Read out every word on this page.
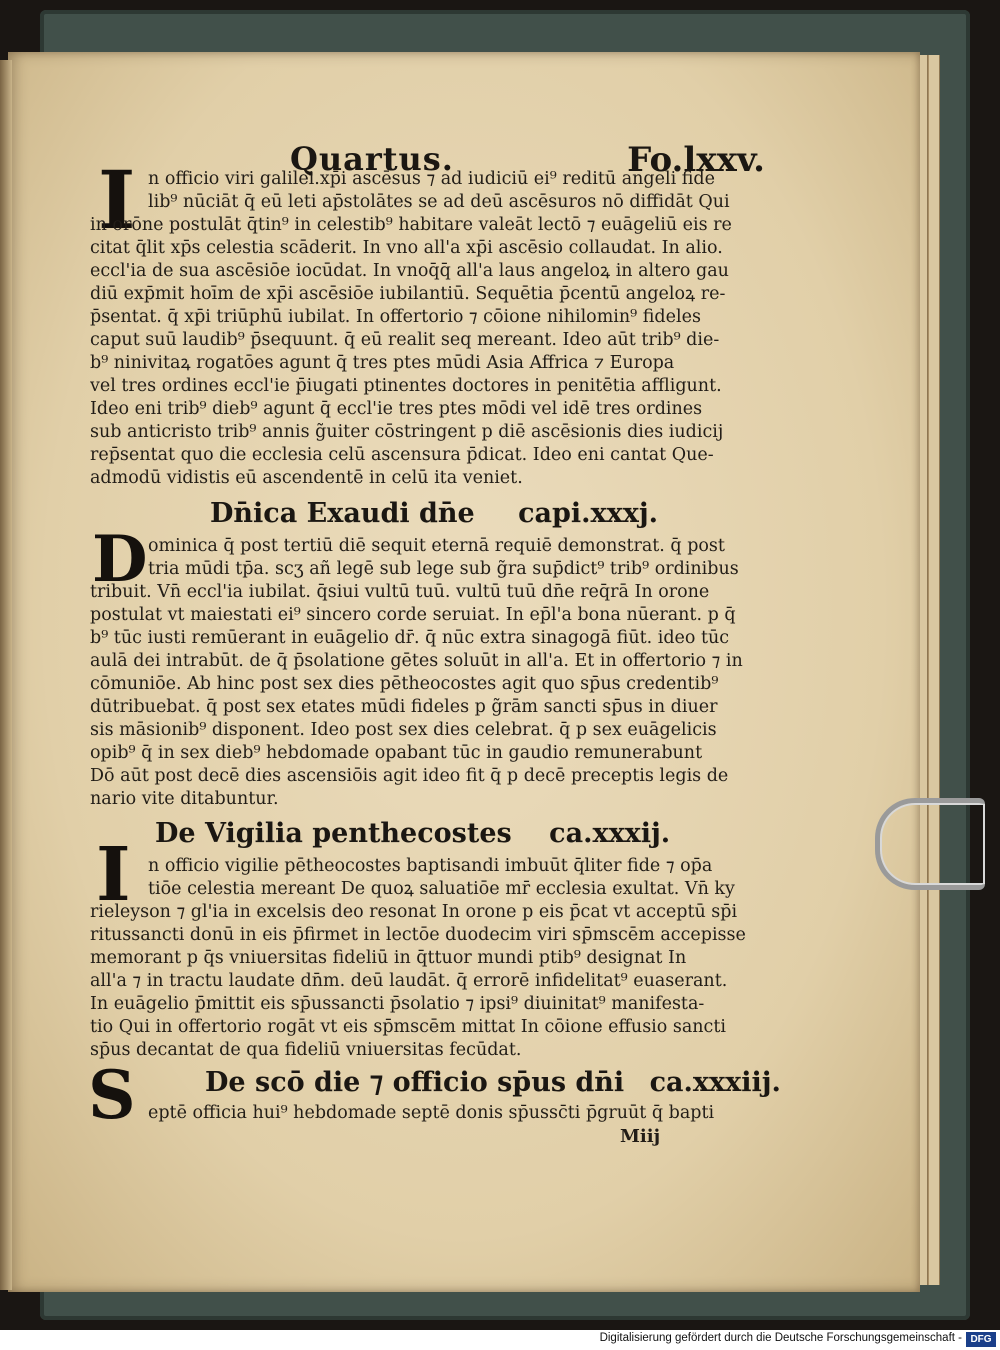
Quartus.	Fo.lxxv.
I n officio viri galilei.xp̄i ascēsus ⁊ ad iudiciū ei⁹ reditū angeli fide
lib⁹ nūciāt q̄ eū leti ap̄stolātes se ad deū ascēsuros nō diffidāt Qui
in orōne postulāt q̄tin⁹ in celestib⁹ habitare valeāt lectō ⁊ euāgeliū eis re
citat q̄lit xp̄s celestia scāderit. In vno all'a xp̄i ascēsio collaudat. In alio.
eccl'ia de sua ascēsiōe iocūdat. In vnoq̄q̄ all'a laus angeloꝝ in altero gau
diū exp̄mit hoīm de xp̄i ascēsiōe iubilantiū. Sequētia p̄centū angeloꝝ re-
p̄sentat. q̄ xp̄i triūphū iubilat. In offertorio ⁊ cōione nihilomin⁹ fideles
caput suū laudib⁹ p̄sequunt. q̄ eū realit̄ seq mereant. Ideo aūt trib⁹ die-
b⁹ ninivitaꝝ rogatōes agunt q̄ tres ptes mūdi Asia Affrica ⁊ Europa
vel tres ordines eccl'ie p̄iugati ptinentes doctores in penitētia affligunt.
Ideo eni trib⁹ dieb⁹ agunt q̄ eccl'ie tres ptes mōdi vel idē tres ordines
sub anticristo trib⁹ annis g̃uiter cōstringent p diē ascēsionis dies iudicij
rep̄sentat quo die ecclesia celū ascensura p̄dicat. Ideo eni cantat Que-
admodū vidistis eū ascendentē in celū ita veniet.
Dn̄ica Exaudi dn̄e capi.xxxj.
D ominica q̄ post tertiū diē sequit eternā requiē demonstrat. q̄ post
tria mūdi tp̄a. scʒ añ legē sub lege sub g̃ra sup̄dict⁹ trib⁹ ordinibus
tribuit. Vn̄ eccl'ia iubilat. q̄siui vultū tuū. vultū tuū dn̄e req̄rā In orone
postulat vt maiestati ei⁹ sincero corde seruiat. In ep̄l'a bona nūerant. p q̄
b⁹ tūc iusti remūerant in euāgelio dr̄. q̄ nūc extra sinagogā fiūt. ideo tūc
aulā dei intrabūt. de q̄ p̄solatione gētes soluūt in all'a. Et in offertorio ⁊ in
cōmuniōe. Ab hinc post sex dies pētheocostes agit quo sp̄us credentib⁹
dūtribuebat. q̄ post sex etates mūdi fideles p g̃rām sancti sp̄us in diuer
sis māsionib⁹ disponent. Ideo post sex dies celebrat. q̄ p sex euāgelicis
opib⁹ q̄ in sex dieb⁹ hebdomade opabant tūc in gaudio remunerabunt
Dō aūt post decē dies ascensiōis agit ideo fit q̄ p decē preceptis legis de
nario vite ditabuntur.
De Vigilia penthecostes ca.xxxij.
I n officio vigilie pētheocostes baptisandi imbuūt q̄liter fide ⁊ op̄a
tiōe celestia mereant De quoꝝ saluatiōe mr̄ ecclesia exultat. Vn̄ ky
rieleyson ⁊ gl'ia in excelsis deo resonat In orone p eis p̄cat vt acceptū sp̄i
ritussancti donū in eis p̄firmet in lectōe duodecim viri sp̄mscēm accepisse
memorant p q̄s vniuersitas fideliū in q̄ttuor mundi ptib⁹ designat In
all'a ⁊ in tractu laudate dn̄m. deū laudāt. q̄ errorē infidelitat⁹ euaserant.
In euāgelio p̄mittit eis sp̄ussancti p̄solatio ⁊ ipsi⁹ diuinitat⁹ manifesta-
tio Qui in offertorio rogāt vt eis sp̄mscēm mittat In cōione effusio sancti
sp̄us decantat de qua fideliū vniuersitas fecūdat.
S	De scō die ⁊ officio sp̄us dn̄i ca.xxxiij.
eptē officia hui⁹ hebdomade septē donis sp̄ussc̄ti p̄gruūt q̄ bapti
Miij
Digitalisierung gefördert durch die Deutsche Forschungsgemeinschaft - DFG
